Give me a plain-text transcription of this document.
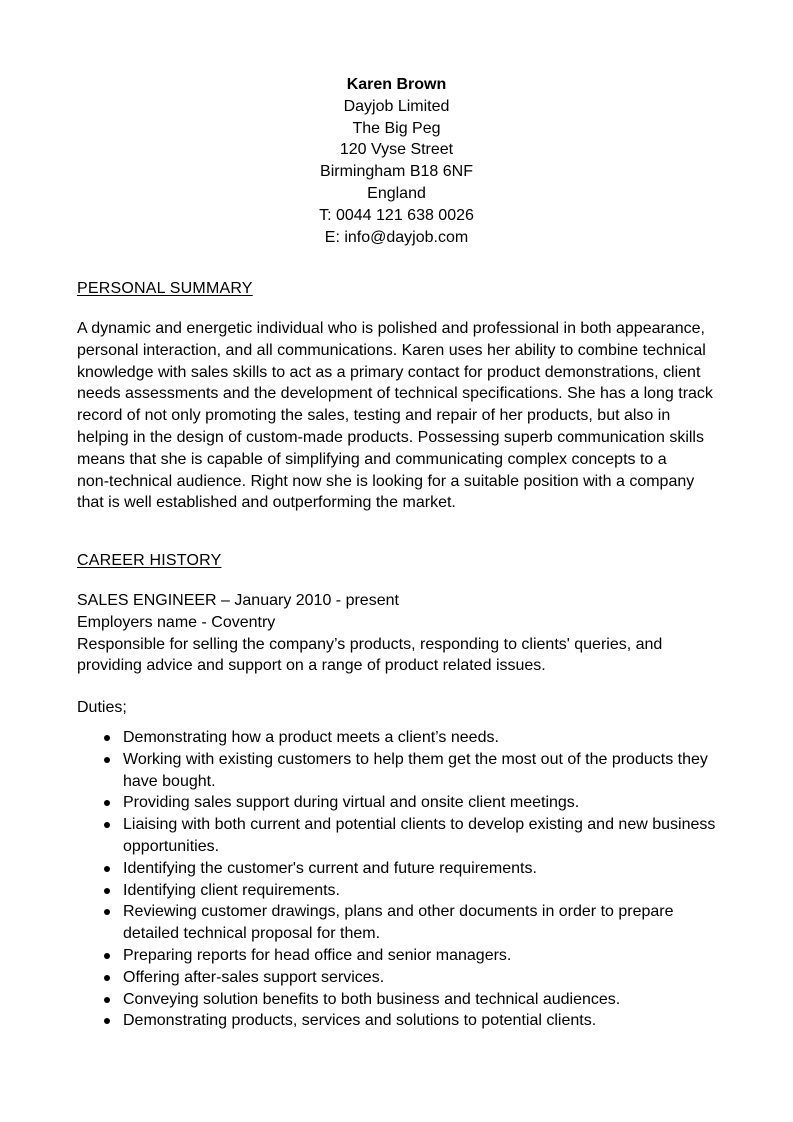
Karen Brown
Dayjob Limited
The Big Peg
120 Vyse Street
Birmingham B18 6NF
England
T: 0044 121 638 0026
E: info@dayjob.com
PERSONAL SUMMARY
A dynamic and energetic individual who is polished and professional in both appearance,
personal interaction, and all communications. Karen uses her ability to combine technical
knowledge with sales skills to act as a primary contact for product demonstrations, client
needs assessments and the development of technical specifications. She has a long track
record of not only promoting the sales, testing and repair of her products, but also in
helping in the design of custom-made products. Possessing superb communication skills
means that she is capable of simplifying and communicating complex concepts to a
non-technical audience. Right now she is looking for a suitable position with a company
that is well established and outperforming the market.
CAREER HISTORY
SALES ENGINEER – January 2010 - present
Employers name - Coventry
Responsible for selling the company’s products, responding to clients' queries, and
providing advice and support on a range of product related issues.
Duties;
Demonstrating how a product meets a client’s needs.
Working with existing customers to help them get the most out of the products they
have bought.
Providing sales support during virtual and onsite client meetings.
Liaising with both current and potential clients to develop existing and new business
opportunities.
Identifying the customer's current and future requirements.
Identifying client requirements.
Reviewing customer drawings, plans and other documents in order to prepare
detailed technical proposal for them.
Preparing reports for head office and senior managers.
Offering after-sales support services.
Conveying solution benefits to both business and technical audiences.
Demonstrating products, services and solutions to potential clients.
